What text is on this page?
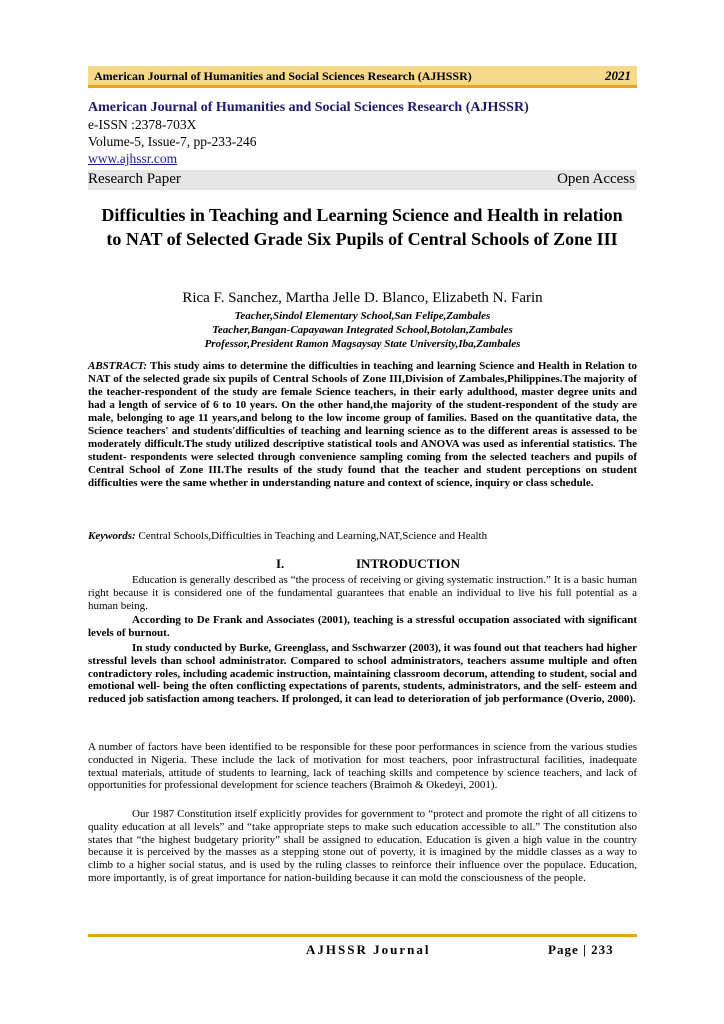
American Journal of Humanities and Social Sciences Research (AJHSSR)	2021
American Journal of Humanities and Social Sciences Research (AJHSSR)
e-ISSN :2378-703X
Volume-5, Issue-7, pp-233-246
www.ajhssr.com
Research Paper	Open Access
Difficulties in Teaching and Learning Science and Health in relation to NAT of Selected Grade Six Pupils of Central Schools of Zone III
Rica F. Sanchez, Martha Jelle D. Blanco, Elizabeth N. Farin
Teacher,Sindol Elementary School,San Felipe,Zambales
Teacher,Bangan-Capayawan Integrated School,Botolan,Zambales
Professor,President Ramon Magsaysay State University,Iba,Zambales
ABSTRACT: This study aims to determine the difficulties in teaching and learning Science and Health in Relation to NAT of the selected grade six pupils of Central Schools of Zone III,Division of Zambales,Philippines.The majority of the teacher-respondent of the study are female Science teachers, in their early adulthood, master degree units and had a length of service of 6 to 10 years. On the other hand,the majority of the student-respondent of the study are male, belonging to age 11 years,and belong to the low income group of families. Based on the quantitative data, the Science teachers' and students'difficulties of teaching and learning science as to the different areas is assessed to be moderately difficult.The study utilized descriptive statistical tools and ANOVA was used as inferential statistics. The student- respondents were selected through convenience sampling coming from the selected teachers and pupils of Central School of Zone III.The results of the study found that the teacher and student perceptions on student difficulties were the same whether in understanding nature and context of science, inquiry or class schedule.
Keywords: Central Schools,Difficulties in Teaching and Learning,NAT,Science and Health
I.	INTRODUCTION

Education is generally described as “the process of receiving or giving systematic instruction.” It is a basic human right because it is considered one of the fundamental guarantees that enable an individual to live his full potential as a human being.

According to De Frank and Associates (2001), teaching is a stressful occupation associated with significant levels of burnout.

In study conducted by Burke, Greenglass, and Sschwarzer (2003), it was found out that teachers had higher stressful levels than school administrator. Compared to school administrators, teachers assume multiple and often contradictory roles, including academic instruction, maintaining classroom decorum, attending to student, social and emotional well- being the often conflicting expectations of parents, students, administrators, and the self- esteem and reduced job satisfaction among teachers. If prolonged, it can lead to deterioration of job performance (Overio, 2000).

A number of factors have been identified to be responsible for these poor performances in science from the various studies conducted in Nigeria. These include the lack of motivation for most teachers, poor infrastructural facilities, inadequate textual materials, attitude of students to learning, lack of teaching skills and competence by science teachers, and lack of opportunities for professional development for science teachers (Braimoh & Okedeyi, 2001).

Our 1987 Constitution itself explicitly provides for government to “protect and promote the right of all citizens to quality education at all levels” and “take appropriate steps to make such education accessible to all.” The constitution also states that “the highest budgetary priority” shall be assigned to education. Education is given a high value in the country because it is perceived by the masses as a stepping stone out of poverty, it is imagined by the middle classes as a way to climb to a higher social status, and is used by the ruling classes to reinforce their influence over the populace. Education, more importantly, is of great importance for nation-building because it can mold the consciousness of the people.

AJHSSR Journal	Page | 233
